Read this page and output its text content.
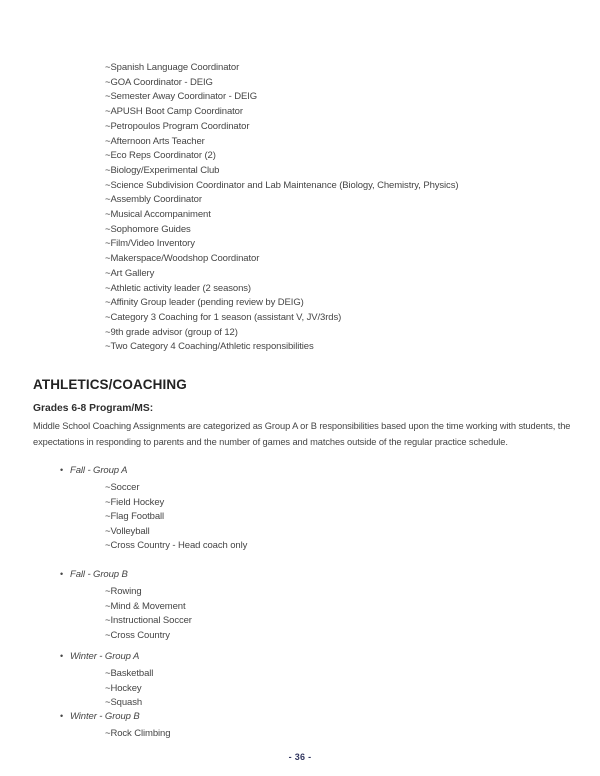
~Spanish Language Coordinator
~GOA Coordinator - DEIG
~Semester Away Coordinator - DEIG
~APUSH Boot Camp Coordinator
~Petropoulos Program Coordinator
~Afternoon Arts Teacher
~Eco Reps Coordinator (2)
~Biology/Experimental Club
~Science Subdivision Coordinator and Lab Maintenance (Biology, Chemistry, Physics)
~Assembly Coordinator
~Musical Accompaniment
~Sophomore Guides
~Film/Video Inventory
~Makerspace/Woodshop Coordinator
~Art Gallery
~Athletic activity leader (2 seasons)
~Affinity Group leader (pending review by DEIG)
~Category 3 Coaching for 1 season (assistant V, JV/3rds)
~9th grade advisor (group of 12)
~Two Category 4 Coaching/Athletic responsibilities
ATHLETICS/COACHING
Grades 6-8 Program/MS:
Middle School Coaching Assignments are categorized as Group A or B responsibilities based upon the time working with students, the expectations in responding to parents and the number of games and matches outside of the regular practice schedule.
• Fall - Group A
~Soccer
~Field Hockey
~Flag Football
~Volleyball
~Cross Country - Head coach only
• Fall - Group B
~Rowing
~Mind & Movement
~Instructional Soccer
~Cross Country
• Winter - Group A
~Basketball
~Hockey
~Squash
• Winter - Group B
~Rock Climbing
- 36 -
